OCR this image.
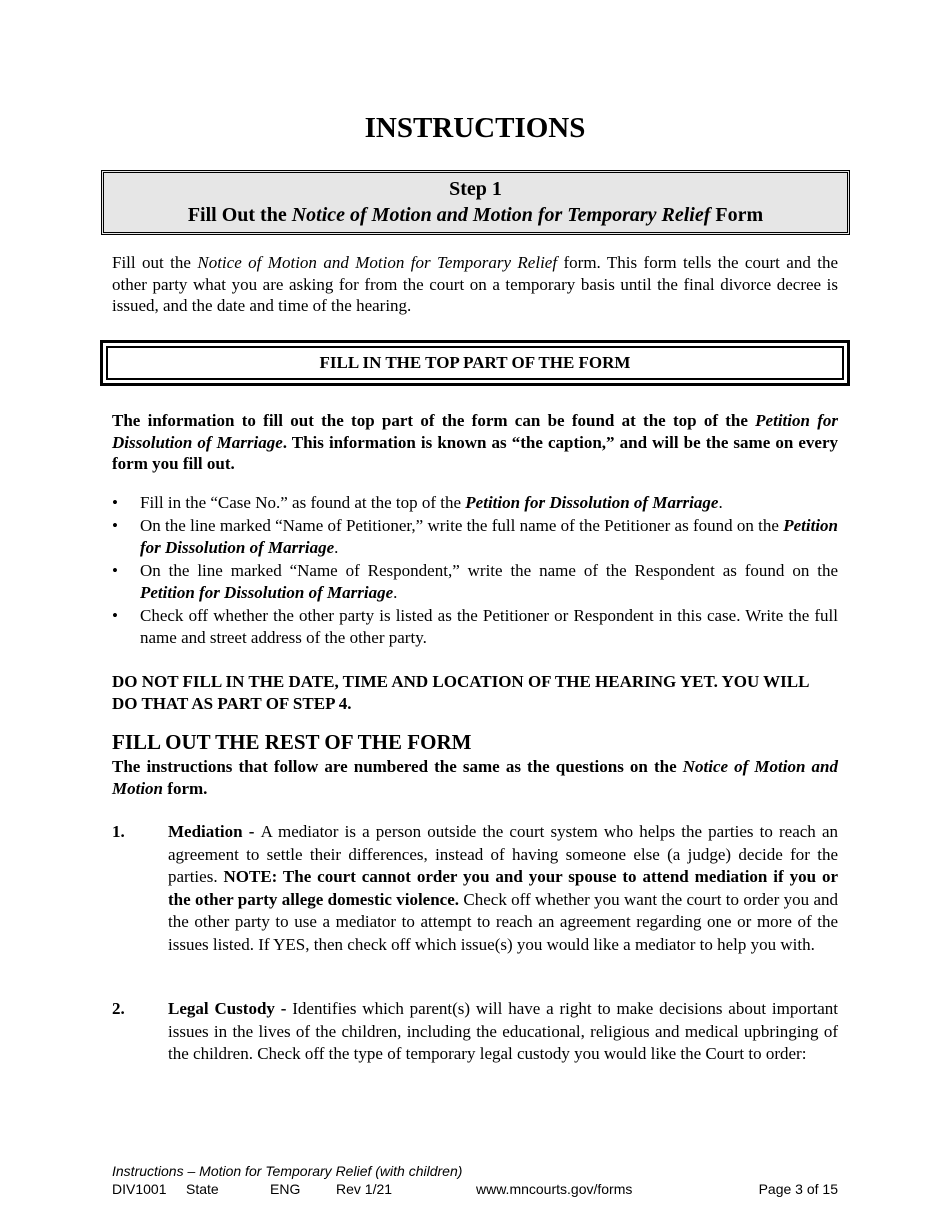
INSTRUCTIONS
Step 1
Fill Out the Notice of Motion and Motion for Temporary Relief Form

Fill out the Notice of Motion and Motion for Temporary Relief form. This form tells the court and the other party what you are asking for from the court on a temporary basis until the final divorce decree is issued, and the date and time of the hearing.

FILL IN THE TOP PART OF THE FORM

The information to fill out the top part of the form can be found at the top of the Petition for Dissolution of Marriage. This information is known as “the caption,” and will be the same on every form you fill out.

• Fill in the “Case No.” as found at the top of the Petition for Dissolution of Marriage.
• On the line marked “Name of Petitioner,” write the full name of the Petitioner as found on the Petition for Dissolution of Marriage.
• On the line marked “Name of Respondent,” write the name of the Respondent as found on the Petition for Dissolution of Marriage.
• Check off whether the other party is listed as the Petitioner or Respondent in this case. Write the full name and street address of the other party.

DO NOT FILL IN THE DATE, TIME AND LOCATION OF THE HEARING YET. YOU WILL DO THAT AS PART OF STEP 4.

FILL OUT THE REST OF THE FORM

The instructions that follow are numbered the same as the questions on the Notice of Motion and Motion form.

1.	Mediation - A mediator is a person outside the court system who helps the parties to reach an agreement to settle their differences, instead of having someone else (a judge) decide for the parties. NOTE: The court cannot order you and your spouse to attend mediation if you or the other party allege domestic violence. Check off whether you want the court to order you and the other party to use a mediator to attempt to reach an agreement regarding one or more of the issues listed. If YES, then check off which issue(s) you would like a mediator to help you with.
2.	Legal Custody - Identifies which parent(s) will have a right to make decisions about important issues in the lives of the children, including the educational, religious and medical upbringing of the children. Check off the type of temporary legal custody you would like the Court to order:
Instructions – Motion for Temporary Relief (with children)
DIV1001 State	ENG	Rev 1/21	www.mncourts.gov/forms	Page 3 of 15
